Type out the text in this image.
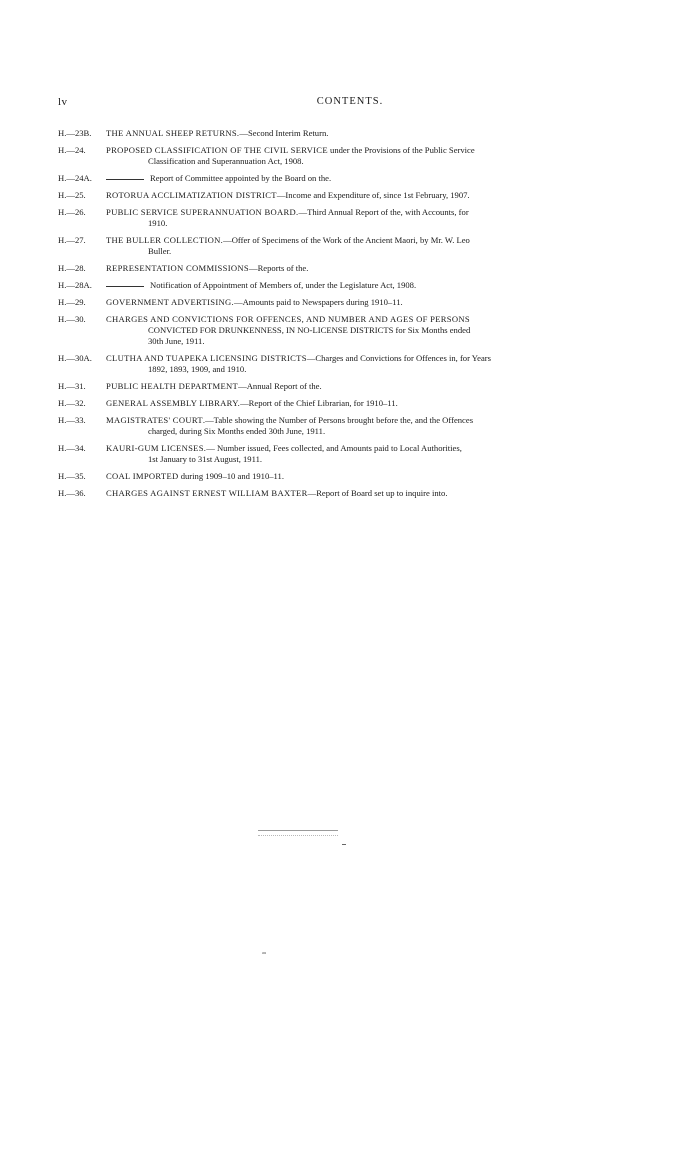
lv	CONTENTS.
H.—23B.	THE ANNUAL SHEEP RETURNS.—Second Interim Return.
H.—24.	PROPOSED CLASSIFICATION OF THE CIVIL SERVICE under the Provisions of the Public Service
Classification and Superannuation Act, 1908.
H.—24A.	Report of Committee appointed by the Board on the.
H.—25.	ROTORUA ACCLIMATIZATION DISTRICT—Income and Expenditure of, since 1st February, 1907.
H.—26.	PUBLIC SERVICE SUPERANNUATION BOARD.—Third Annual Report of the, with Accounts, for
1910.
H.—27.	THE BULLER COLLECTION.—Offer of Specimens of the Work of the Ancient Maori, by Mr. W. Leo
Buller.
H.—28.	REPRESENTATION COMMISSIONS—Reports of the.
H.—28A.	Notification of Appointment of Members of, under the Legislature Act, 1908.
H.—29.	GOVERNMENT ADVERTISING.—Amounts paid to Newspapers during 1910–11.
H.—30.	CHARGES AND CONVICTIONS FOR OFFENCES, AND NUMBER AND AGES OF PERSONS
CONVICTED FOR DRUNKENNESS, IN NO-LICENSE DISTRICTS for Six Months ended
30th June, 1911.
H.—30A.	CLUTHA AND TUAPEKA LICENSING DISTRICTS—Charges and Convictions for Offences in, for Years
1892, 1893, 1909, and 1910.
H.—31.	PUBLIC HEALTH DEPARTMENT—Annual Report of the.
H.—32.	GENERAL ASSEMBLY LIBRARY.—Report of the Chief Librarian, for 1910–11.
H.—33.	MAGISTRATES' COURT.—Table showing the Number of Persons brought before the, and the Offences
charged, during Six Months ended 30th June, 1911.
H.—34.	KAURI-GUM LICENSES.— Number issued, Fees collected, and Amounts paid to Local Authorities,
1st January to 31st August, 1911.
H.—35.	COAL IMPORTED during 1909–10 and 1910–11.
H.—36.	CHARGES AGAINST ERNEST WILLIAM BAXTER—Report of Board set up to inquire into.
ᵃᵘ
